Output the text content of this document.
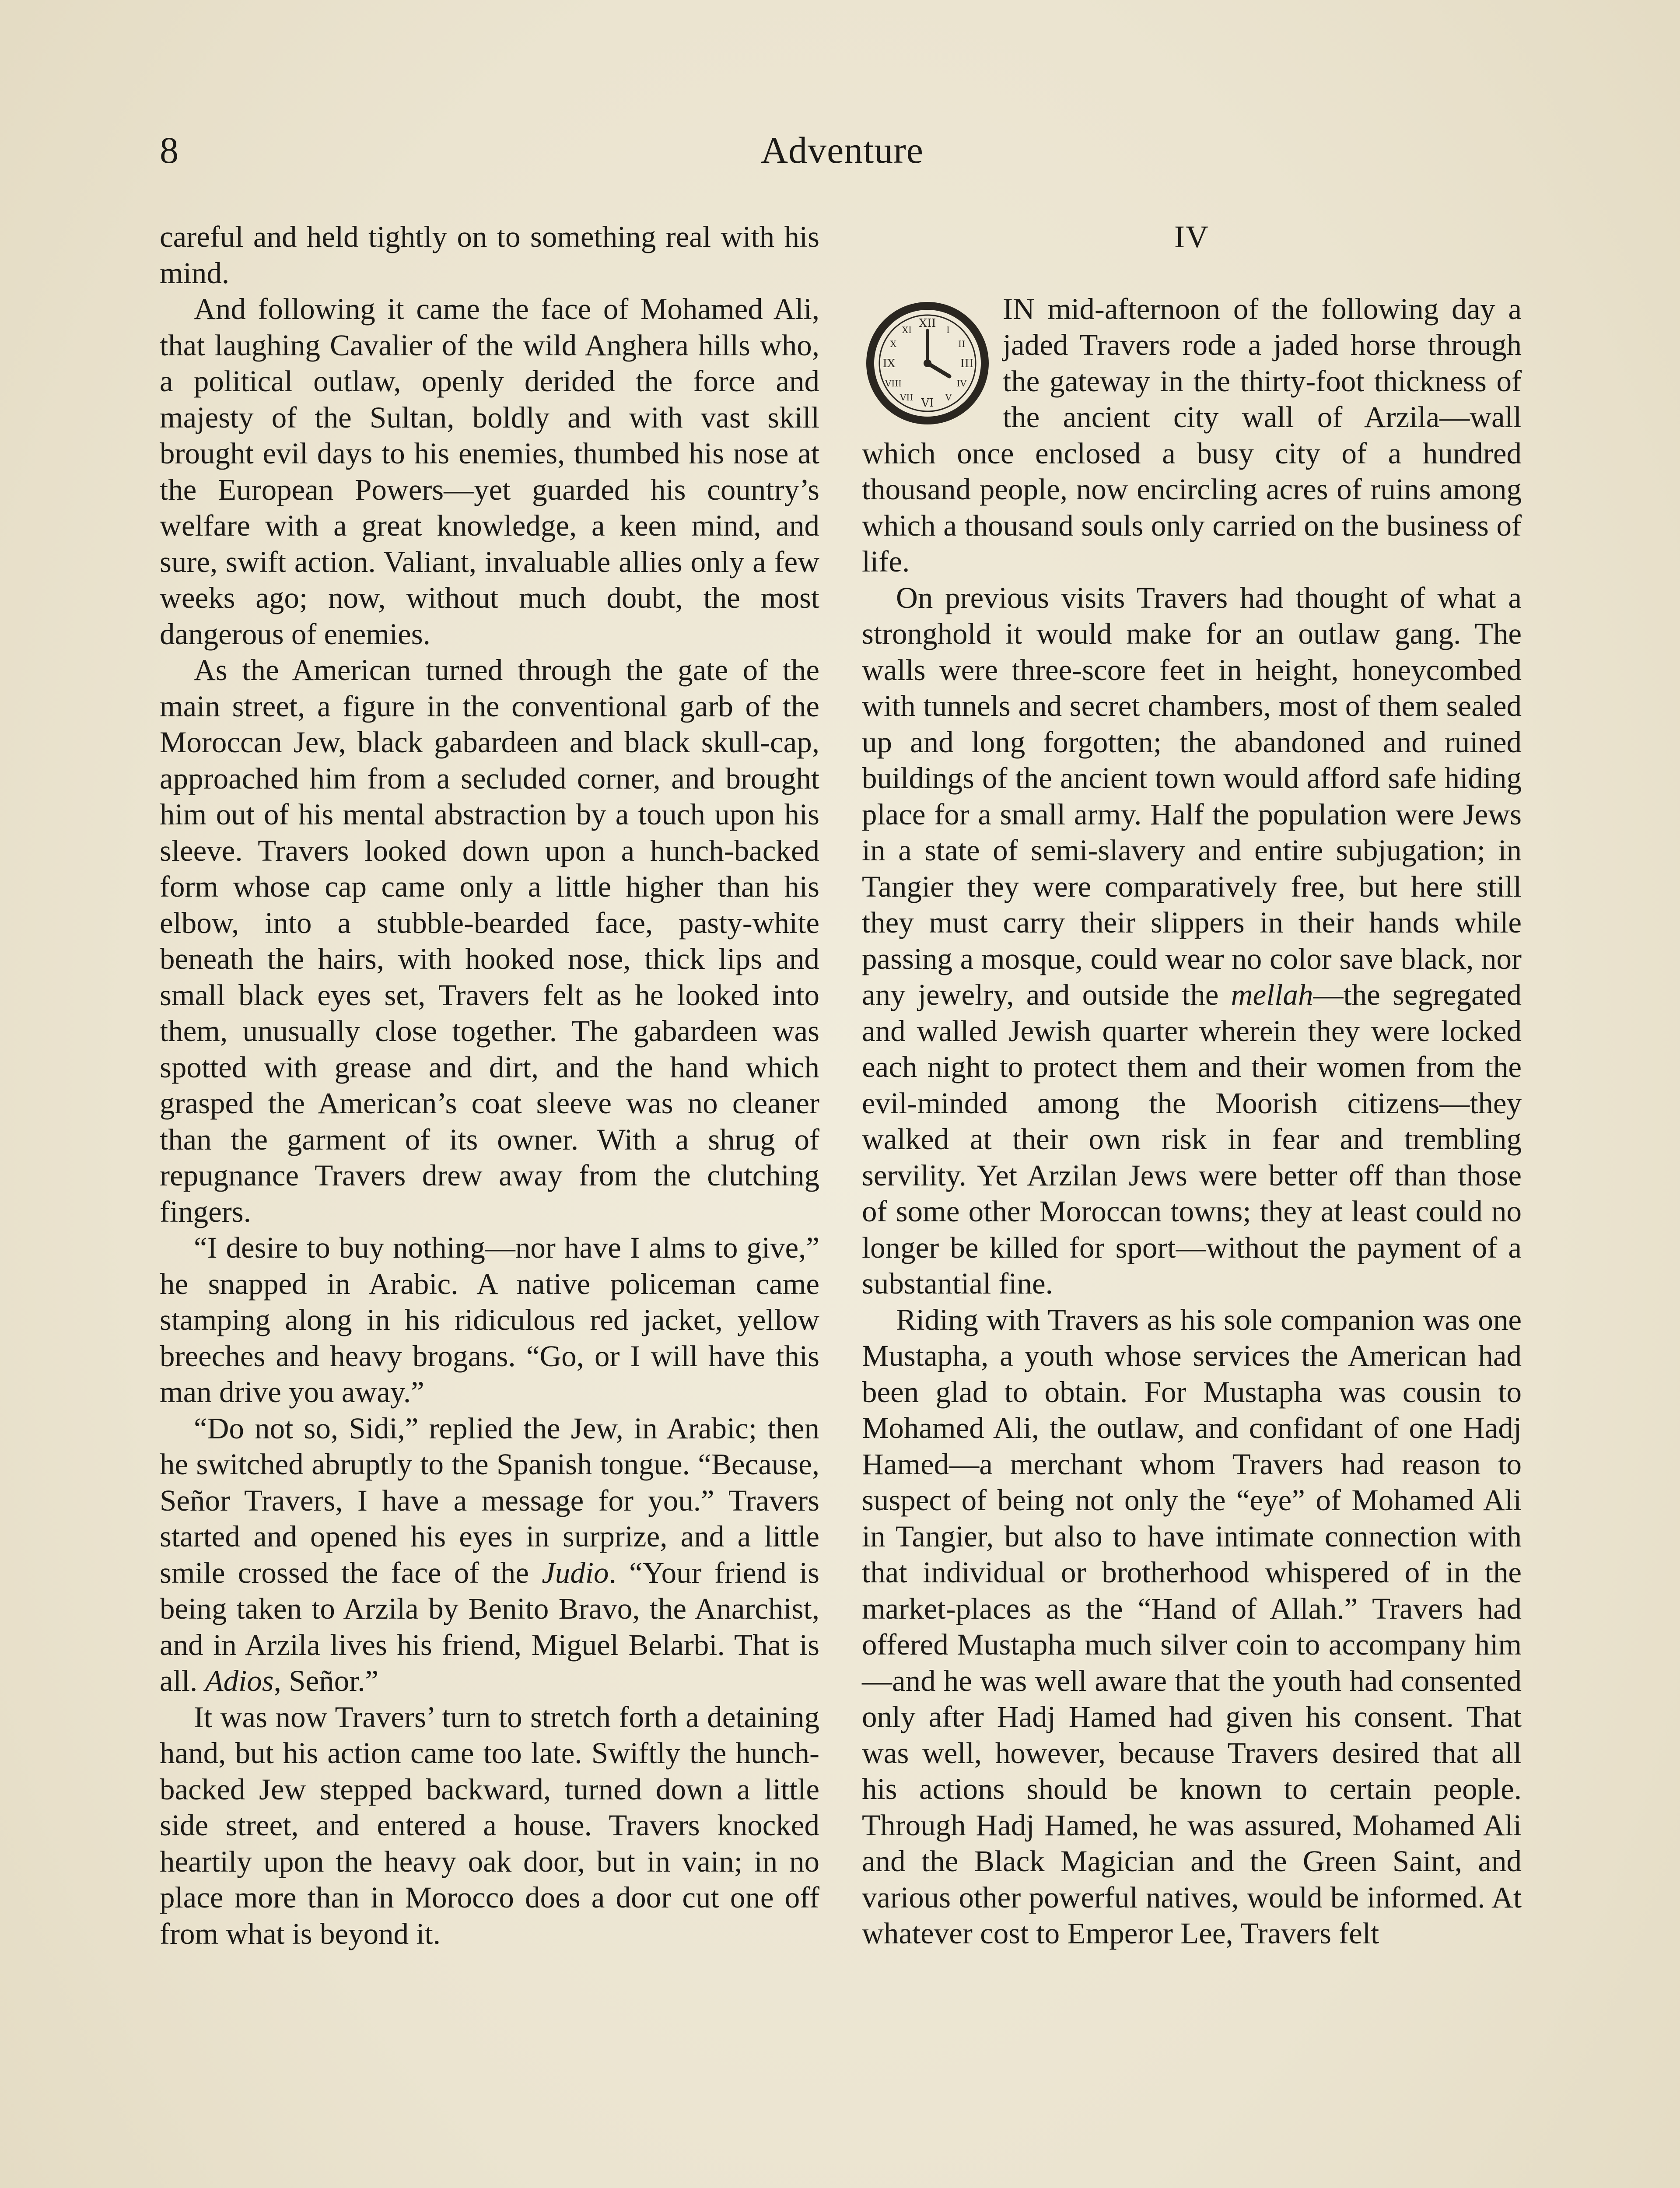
8	Adventure

careful and held tightly on to something real with his mind.

And following it came the face of Mohamed Ali, that laughing Cavalier of the wild Anghera hills who, a political outlaw, openly derided the force and majesty of the Sultan, boldly and with vast skill brought evil days to his enemies, thumbed his nose at the European Powers—yet guarded his country’s welfare with a great knowledge, a keen mind, and sure, swift action. Valiant, invaluable allies only a few weeks ago; now, without much doubt, the most dangerous of enemies.

As the American turned through the gate of the main street, a figure in the conventional garb of the Moroccan Jew, black gabardeen and black skull-cap, approached him from a secluded corner, and brought him out of his mental abstraction by a touch upon his sleeve. Travers looked down upon a hunch-backed form whose cap came only a little higher than his elbow, into a stubble-bearded face, pasty-white beneath the hairs, with hooked nose, thick lips and small black eyes set, Travers felt as he looked into them, unusually close together. The gabardeen was spotted with grease and dirt, and the hand which grasped the American’s coat sleeve was no cleaner than the garment of its owner. With a shrug of repugnance Travers drew away from the clutching fingers.

“I desire to buy nothing—nor have I alms to give,” he snapped in Arabic. A native policeman came stamping along in his ridiculous red jacket, yellow breeches and heavy brogans. “Go, or I will have this man drive you away.”

“Do not so, Sidi,” replied the Jew, in Arabic; then he switched abruptly to the Spanish tongue. “Because, Señor Travers, I have a message for you.” Travers started and opened his eyes in surprize, and a little smile crossed the face of the Judio. “Your friend is being taken to Arzila by Benito Bravo, the Anarchist, and in Arzila lives his friend, Miguel Belarbi. That is all. Adios, Señor.”

It was now Travers’ turn to stretch forth a detaining hand, but his action came too late. Swiftly the hunch-backed Jew stepped backward, turned down a little side street, and entered a house. Travers knocked heartily upon the heavy oak door, but in vain; in no place more than in Morocco does a door cut one off from what is beyond it.

IV

XII I
II
III
IV
V
VI
VII
VIII
IX
X
XI
IN mid-afternoon of the following day a jaded Travers rode a jaded horse through the gateway in the thirty-foot thickness of the ancient city wall of Arzila—wall which once enclosed a busy city of a hundred thousand people, now encircling acres of ruins among which a thousand souls only carried on the business of life.

On previous visits Travers had thought of what a stronghold it would make for an outlaw gang. The walls were three-score feet in height, honeycombed with tunnels and secret chambers, most of them sealed up and long forgotten; the abandoned and ruined buildings of the ancient town would afford safe hiding place for a small army. Half the population were Jews in a state of semi-slavery and entire subjugation; in Tangier they were comparatively free, but here still they must carry their slippers in their hands while passing a mosque, could wear no color save black, nor any jewelry, and outside the mellah—the segregated and walled Jewish quarter wherein they were locked each night to protect them and their women from the evil-minded among the Moorish citizens—they walked at their own risk in fear and trembling servility. Yet Arzilan Jews were better off than those of some other Moroccan towns; they at least could no longer be killed for sport—without the payment of a substantial fine.

Riding with Travers as his sole companion was one Mustapha, a youth whose services the American had been glad to obtain. For Mustapha was cousin to Mohamed Ali, the outlaw, and confidant of one Hadj Hamed—a merchant whom Travers had reason to suspect of being not only the “eye” of Mohamed Ali in Tangier, but also to have intimate connection with that individual or brotherhood whispered of in the market-places as the “Hand of Allah.” Travers had offered Mustapha much silver coin to accompany him—and he was well aware that the youth had consented only after Hadj Hamed had given his consent. That was well, however, because Travers desired that all his actions should be known to certain people. Through Hadj Hamed, he was assured, Mohamed Ali and the Black Magician and the Green Saint, and various other powerful natives, would be informed. At whatever cost to Emperor Lee, Travers felt
